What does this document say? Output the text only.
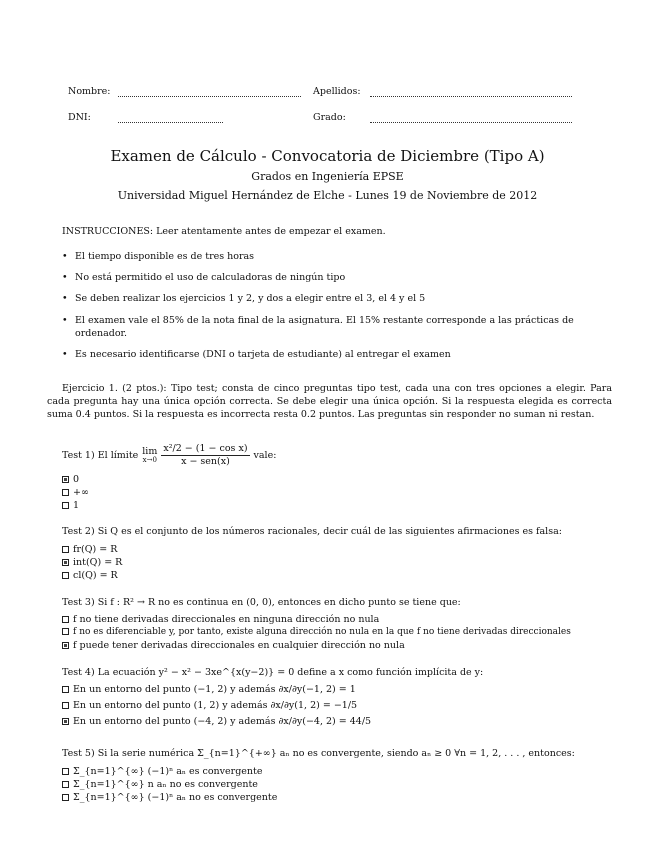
Nombre:	Apellidos:
DNI:	Grado:
Examen de Cálculo - Convocatoria de Diciembre (Tipo A)
Grados en Ingeniería EPSE
Universidad Miguel Hernández de Elche - Lunes 19 de Noviembre de 2012
INSTRUCCIONES: Leer atentamente antes de empezar el examen.
• El tiempo disponible es de tres horas
• No está permitido el uso de calculadoras de ningún tipo
• Se deben realizar los ejercicios 1 y 2, y dos a elegir entre el 3, el 4 y el 5
• El examen vale el 85% de la nota final de la asignatura. El 15% restante corresponde a las prácticas de ordenador.
• Es necesario identificarse (DNI o tarjeta de estudiante) al entregar el examen
Ejercicio 1. (2 ptos.): Tipo test; consta de cinco preguntas tipo test, cada una con tres opciones a elegir. Para cada pregunta hay una única opción correcta. Se debe elegir una única opción. Si la respuesta elegida es correcta suma 0.4 puntos. Si la respuesta es incorrecta resta 0.2 puntos. Las preguntas sin responder no suman ni restan.
Test 1) El límite lim
x→0
x²/2 − (1 − cos x)
x − sen(x)
vale:
0
+∞
1
Test 2) Si Q es el conjunto de los números racionales, decir cuál de las siguientes afirmaciones es falsa:
fr(Q) = R
int(Q) = R
cl(Q) = R
Test 3) Si f : R² → R no es continua en (0, 0), entonces en dicho punto se tiene que:
f no tiene derivadas direccionales en ninguna dirección no nula
f no es diferenciable y, por tanto, existe alguna dirección no nula en la que f no tiene derivadas direccionales
f puede tener derivadas direccionales en cualquier dirección no nula
Test 4) La ecuación y² − x² − 3xe^{x(y−2)} = 0 define a x como función implícita de y:
En un entorno del punto (−1, 2) y además ∂x/∂y(−1, 2) = 1
En un entorno del punto (1, 2) y además ∂x/∂y(1, 2) = −1/5
En un entorno del punto (−4, 2) y además ∂x/∂y(−4, 2) = 44/5
Test 5) Si la serie numérica Σ_{n=1}^{+∞} aₙ no es convergente, siendo aₙ ≥ 0 ∀n = 1, 2, . . . , entonces:
Σ_{n=1}^{∞} (−1)ⁿ aₙ es convergente
Σ_{n=1}^{∞} n aₙ no es convergente
Σ_{n=1}^{∞} (−1)ⁿ aₙ no es convergente
